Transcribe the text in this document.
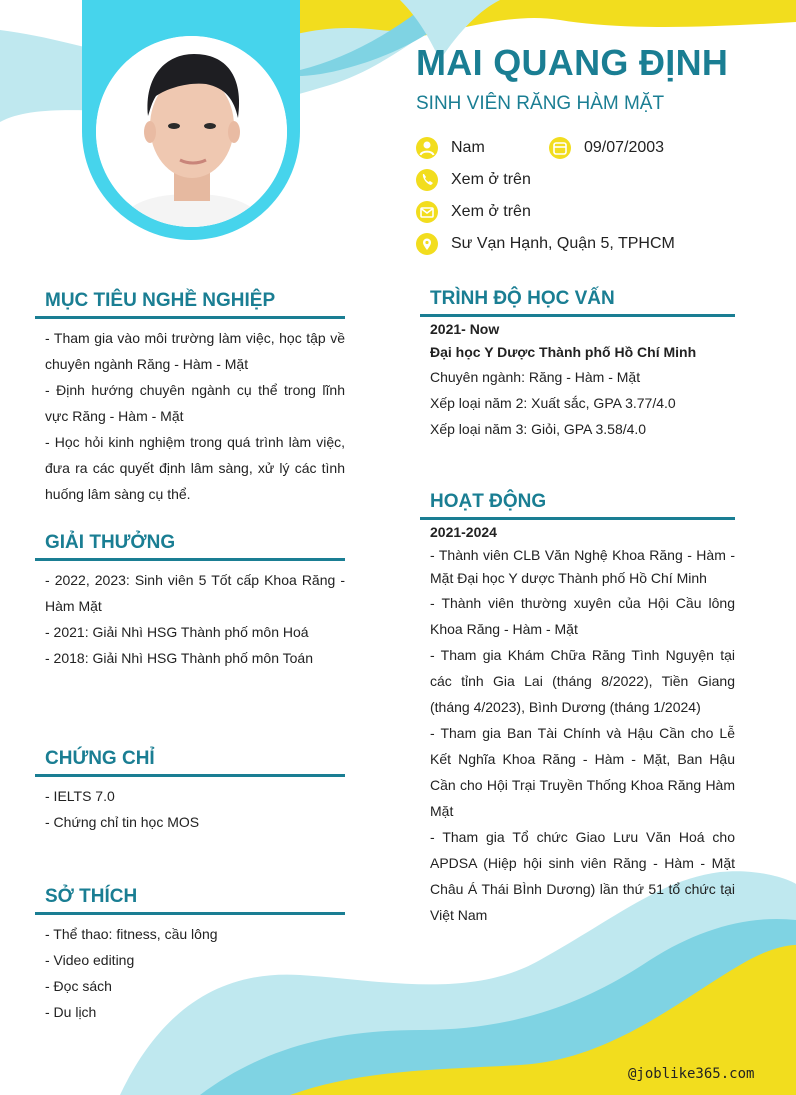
MAI QUANG ĐỊNH
SINH VIÊN RĂNG HÀM MẶT
Nam	09/07/2003
Xem ở trên
Xem ở trên
Sư Vạn Hạnh, Quận 5, TPHCM
MỤC TIÊU NGHỀ NGHIỆP

- Tham gia vào môi trường làm việc, học tập về chuyên ngành Răng - Hàm - Mặt

- Định hướng chuyên ngành cụ thể trong lĩnh vực Răng - Hàm - Mặt

- Học hỏi kinh nghiệm trong quá trình làm việc, đưa ra các quyết định lâm sàng, xử lý các tình huống lâm sàng cụ thể.

GIẢI THƯỞNG

- 2022, 2023: Sinh viên 5 Tốt cấp Khoa Răng - Hàm Mặt

- 2021: Giải Nhì HSG Thành phố môn Hoá

- 2018: Giải Nhì HSG Thành phố môn Toán

CHỨNG CHỈ

- IELTS 7.0

- Chứng chỉ tin học MOS

SỞ THÍCH

- Thể thao: fitness, cầu lông

- Video editing

- Đọc sách

- Du lịch

TRÌNH ĐỘ HỌC VẤN

2021- Now

Đại học Y Dược Thành phố Hồ Chí Minh

Chuyên ngành: Răng - Hàm - Mặt

Xếp loại năm 2: Xuất sắc, GPA 3.77/4.0

Xếp loại năm 3: Giỏi, GPA 3.58/4.0

HOẠT ĐỘNG

2021-2024

- Thành viên CLB Văn Nghệ Khoa Răng - Hàm - Mặt Đại học Y dược Thành phố Hồ Chí Minh

- Thành viên thường xuyên của Hội Cầu lông Khoa Răng - Hàm - Mặt

- Tham gia Khám Chữa Răng Tình Nguyện tại các tỉnh Gia Lai (tháng 8/2022), Tiền Giang (tháng 4/2023), Bình Dương (tháng 1/2024)

- Tham gia Ban Tài Chính và Hậu Cần cho Lễ Kết Nghĩa Khoa Răng - Hàm - Mặt, Ban Hậu Cần cho Hội Trại Truyền Thống Khoa Răng Hàm Mặt

- Tham gia Tổ chức Giao Lưu Văn Hoá cho APDSA (Hiệp hội sinh viên Răng - Hàm - Mặt Châu Á Thái BÌnh Dương) lần thứ 51 tổ chức tại Việt Nam

@joblike365.com
